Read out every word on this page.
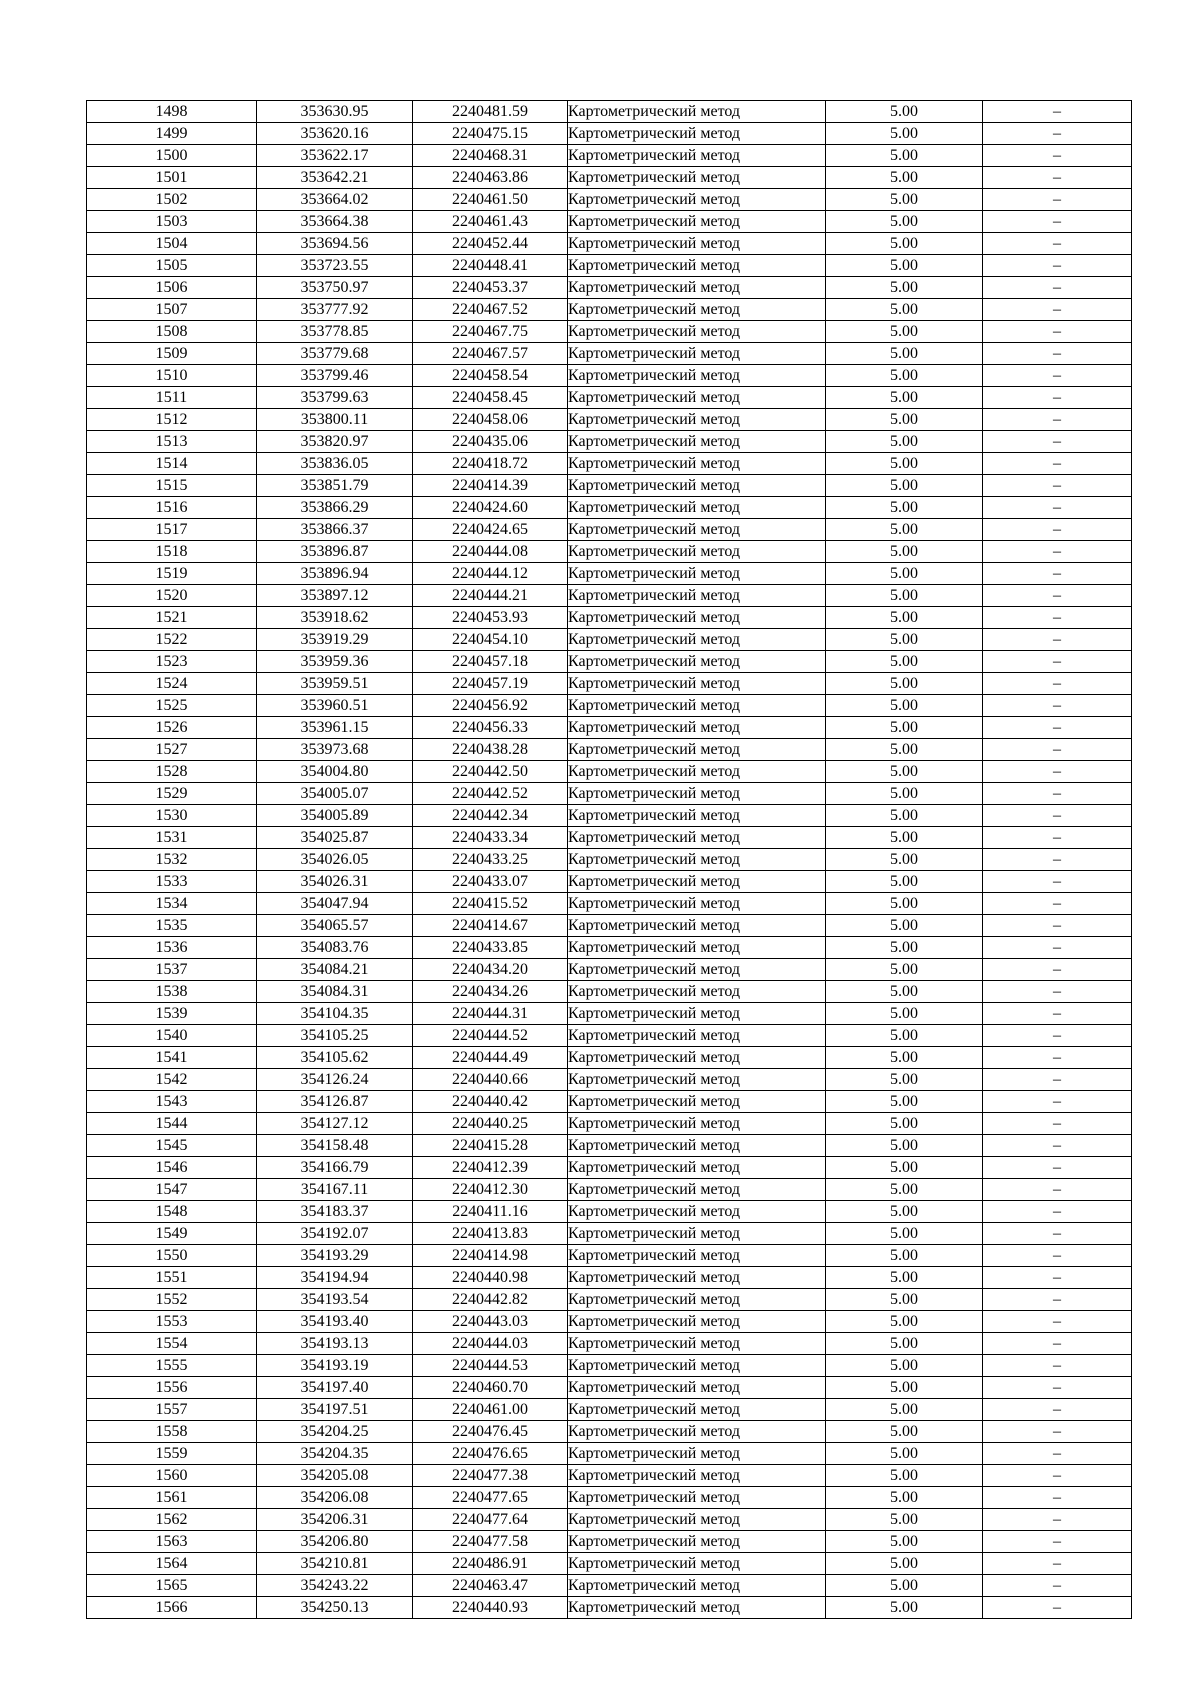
1498	353630.95	2240481.59	Картометрический метод	5.00	–
1499	353620.16	2240475.15	Картометрический метод	5.00	–
1500	353622.17	2240468.31	Картометрический метод	5.00	–
1501	353642.21	2240463.86	Картометрический метод	5.00	–
1502	353664.02	2240461.50	Картометрический метод	5.00	–
1503	353664.38	2240461.43	Картометрический метод	5.00	–
1504	353694.56	2240452.44	Картометрический метод	5.00	–
1505	353723.55	2240448.41	Картометрический метод	5.00	–
1506	353750.97	2240453.37	Картометрический метод	5.00	–
1507	353777.92	2240467.52	Картометрический метод	5.00	–
1508	353778.85	2240467.75	Картометрический метод	5.00	–
1509	353779.68	2240467.57	Картометрический метод	5.00	–
1510	353799.46	2240458.54	Картометрический метод	5.00	–
1511	353799.63	2240458.45	Картометрический метод	5.00	–
1512	353800.11	2240458.06	Картометрический метод	5.00	–
1513	353820.97	2240435.06	Картометрический метод	5.00	–
1514	353836.05	2240418.72	Картометрический метод	5.00	–
1515	353851.79	2240414.39	Картометрический метод	5.00	–
1516	353866.29	2240424.60	Картометрический метод	5.00	–
1517	353866.37	2240424.65	Картометрический метод	5.00	–
1518	353896.87	2240444.08	Картометрический метод	5.00	–
1519	353896.94	2240444.12	Картометрический метод	5.00	–
1520	353897.12	2240444.21	Картометрический метод	5.00	–
1521	353918.62	2240453.93	Картометрический метод	5.00	–
1522	353919.29	2240454.10	Картометрический метод	5.00	–
1523	353959.36	2240457.18	Картометрический метод	5.00	–
1524	353959.51	2240457.19	Картометрический метод	5.00	–
1525	353960.51	2240456.92	Картометрический метод	5.00	–
1526	353961.15	2240456.33	Картометрический метод	5.00	–
1527	353973.68	2240438.28	Картометрический метод	5.00	–
1528	354004.80	2240442.50	Картометрический метод	5.00	–
1529	354005.07	2240442.52	Картометрический метод	5.00	–
1530	354005.89	2240442.34	Картометрический метод	5.00	–
1531	354025.87	2240433.34	Картометрический метод	5.00	–
1532	354026.05	2240433.25	Картометрический метод	5.00	–
1533	354026.31	2240433.07	Картометрический метод	5.00	–
1534	354047.94	2240415.52	Картометрический метод	5.00	–
1535	354065.57	2240414.67	Картометрический метод	5.00	–
1536	354083.76	2240433.85	Картометрический метод	5.00	–
1537	354084.21	2240434.20	Картометрический метод	5.00	–
1538	354084.31	2240434.26	Картометрический метод	5.00	–
1539	354104.35	2240444.31	Картометрический метод	5.00	–
1540	354105.25	2240444.52	Картометрический метод	5.00	–
1541	354105.62	2240444.49	Картометрический метод	5.00	–
1542	354126.24	2240440.66	Картометрический метод	5.00	–
1543	354126.87	2240440.42	Картометрический метод	5.00	–
1544	354127.12	2240440.25	Картометрический метод	5.00	–
1545	354158.48	2240415.28	Картометрический метод	5.00	–
1546	354166.79	2240412.39	Картометрический метод	5.00	–
1547	354167.11	2240412.30	Картометрический метод	5.00	–
1548	354183.37	2240411.16	Картометрический метод	5.00	–
1549	354192.07	2240413.83	Картометрический метод	5.00	–
1550	354193.29	2240414.98	Картометрический метод	5.00	–
1551	354194.94	2240440.98	Картометрический метод	5.00	–
1552	354193.54	2240442.82	Картометрический метод	5.00	–
1553	354193.40	2240443.03	Картометрический метод	5.00	–
1554	354193.13	2240444.03	Картометрический метод	5.00	–
1555	354193.19	2240444.53	Картометрический метод	5.00	–
1556	354197.40	2240460.70	Картометрический метод	5.00	–
1557	354197.51	2240461.00	Картометрический метод	5.00	–
1558	354204.25	2240476.45	Картометрический метод	5.00	–
1559	354204.35	2240476.65	Картометрический метод	5.00	–
1560	354205.08	2240477.38	Картометрический метод	5.00	–
1561	354206.08	2240477.65	Картометрический метод	5.00	–
1562	354206.31	2240477.64	Картометрический метод	5.00	–
1563	354206.80	2240477.58	Картометрический метод	5.00	–
1564	354210.81	2240486.91	Картометрический метод	5.00	–
1565	354243.22	2240463.47	Картометрический метод	5.00	–
1566	354250.13	2240440.93	Картометрический метод	5.00	–
